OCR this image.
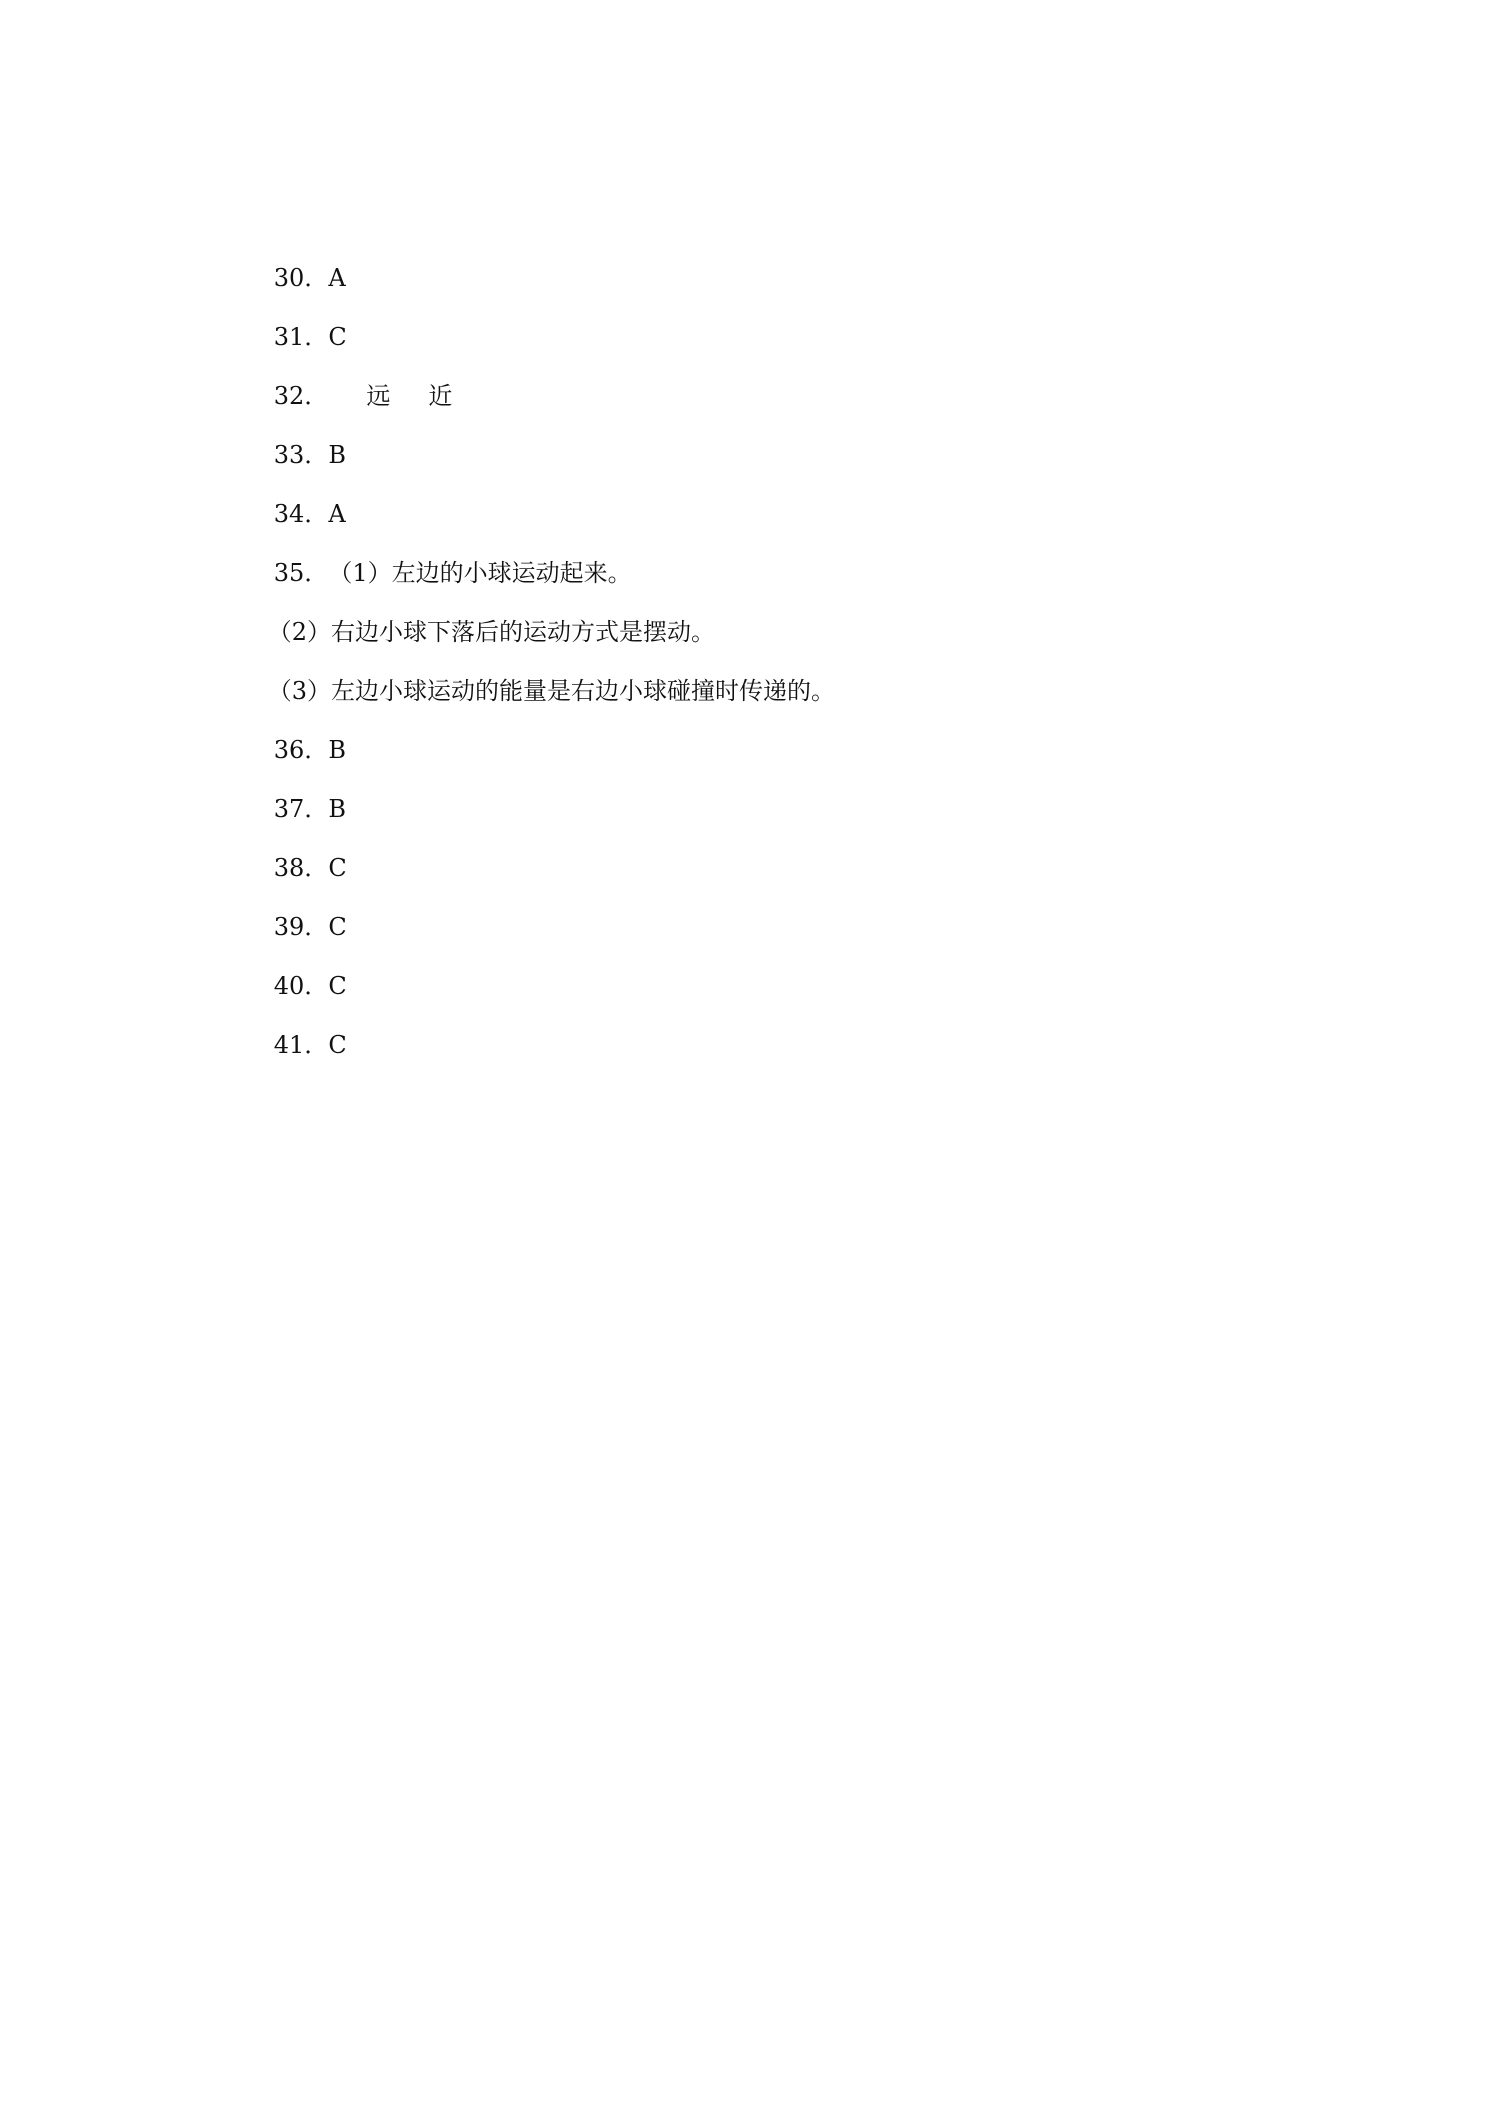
30．A

31．C

32． 远 近

33．B

34．A

35．（1）左边的小球运动起来。

（2）右边小球下落后的运动方式是摆动。

（3）左边小球运动的能量是右边小球碰撞时传递的。

36．B

37．B

38．C

39．C

40．C

41．C
